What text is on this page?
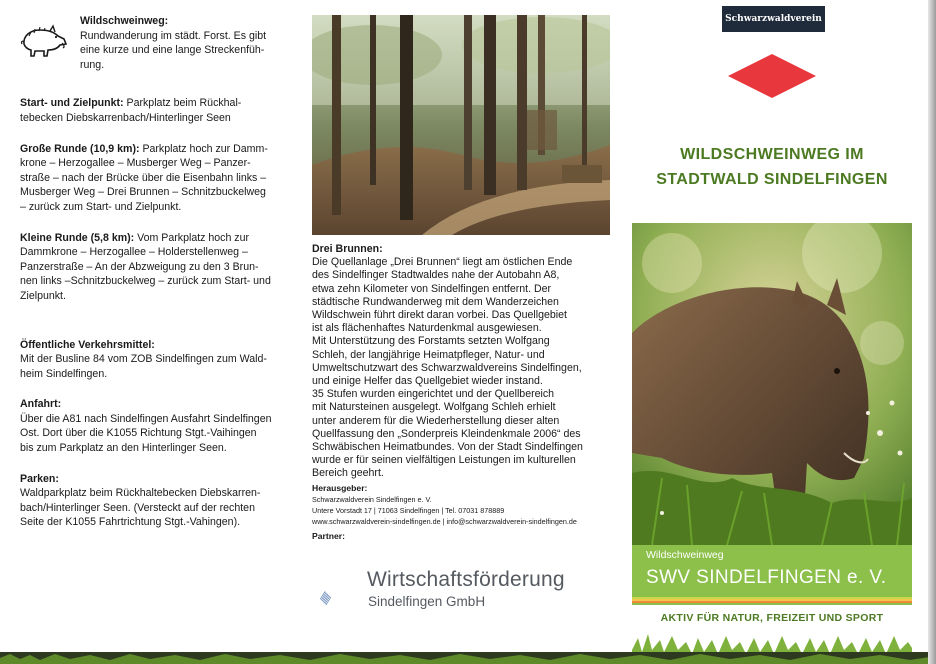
Wildschweinweg:
Rundwanderung im städt. Forst. Es gibt
eine kurze und eine lange Streckenfüh-
rung.
Start- und Zielpunkt: Parkplatz beim Rückhal-
tebecken Diebskarrenbach/Hinterlinger Seen
Große Runde (10,9 km): Parkplatz hoch zur Damm-
krone – Herzogallee – Musberger Weg – Panzer-
straße – nach der Brücke über die Eisenbahn links –
Musberger Weg – Drei Brunnen – Schnitzbuckelweg
– zurück zum Start- und Zielpunkt.
Kleine Runde (5,8 km): Vom Parkplatz hoch zur
Dammkrone – Herzogallee – Holderstellenweg –
Panzerstraße – An der Abzweigung zu den 3 Brun-
nen links –Schnitzbuckelweg – zurück zum Start- und
Zielpunkt.
Öffentliche Verkehrsmittel:
Mit der Busline 84 vom ZOB Sindelfingen zum Wald-
heim Sindelfingen.
Anfahrt:
Über die A81 nach Sindelfingen Ausfahrt Sindelfingen
Ost. Dort über die K1055 Richtung Stgt.-Vaihingen
bis zum Parkplatz an den Hinterlinger Seen.
Parken:
Waldparkplatz beim Rückhaltebecken Diebskarren-
bach/Hinterlinger Seen. (Versteckt auf der rechten
Seite der K1055 Fahrtrichtung Stgt.-Vahingen).
Drei Brunnen:
Die Quellanlage „Drei Brunnen“ liegt am östlichen Ende
des Sindelfinger Stadtwaldes nahe der Autobahn A8,
etwa zehn Kilometer von Sindelfingen entfernt. Der
städtische Rundwanderweg mit dem Wanderzeichen
Wildschwein führt direkt daran vorbei. Das Quellgebiet
ist als flächenhaftes Naturdenkmal ausgewiesen.
Mit Unterstützung des Forstamts setzten Wolfgang
Schleh, der langjährige Heimatpfleger, Natur- und
Umweltschutzwart des Schwarzwaldvereins Sindelfingen,
und einige Helfer das Quellgebiet wieder instand.
35 Stufen wurden eingerichtet und der Quellbereich
mit Natursteinen ausgelegt. Wolfgang Schleh erhielt
unter anderem für die Wiederherstellung dieser alten
Quellfassung den „Sonderpreis Kleindenkmale 2006“ des
Schwäbischen Heimatbundes. Von der Stadt Sindelfingen
wurde er für seinen vielfältigen Leistungen im kulturellen
Bereich geehrt.
Herausgeber:
Schwarzwaldverein Sindelfingen e. V.
Untere Vorstadt 17 | 71063 Sindelfingen | Tel. 07031 878889
www.schwarzwaldverein-sindelfingen.de | info@schwarzwaldverein-sindelfingen.de
Partner:
Wirtschaftsförderung
Sindelfingen GmbH
Schwarzwaldverein
WILDSCHWEINWEG IM
STADTWALD SINDELFINGEN
Wildschweinweg
SWV SINDELFINGEN e. V.
AKTIV FÜR NATUR, FREIZEIT UND SPORT
